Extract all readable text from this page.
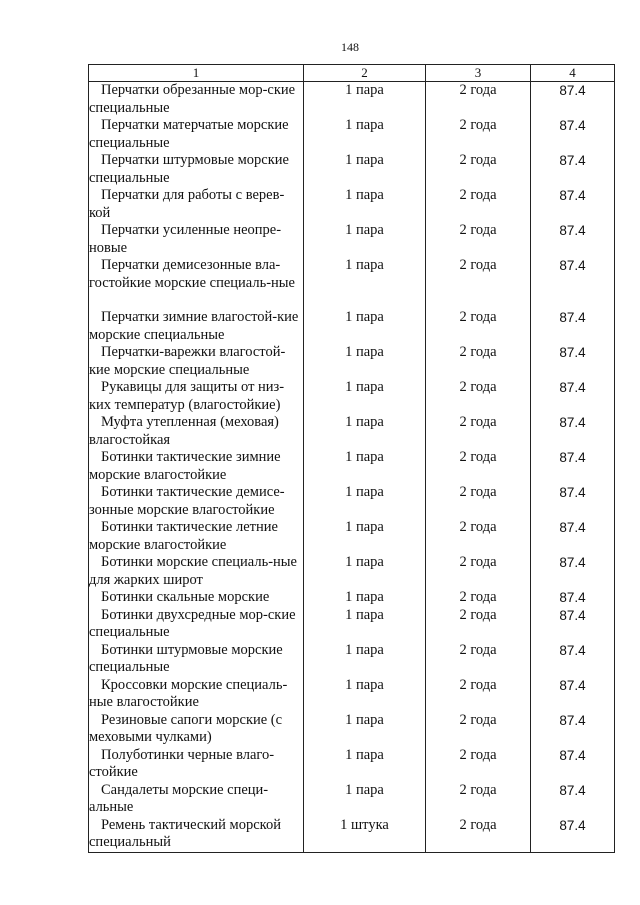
148
1	2	3	4
Перчатки обрезанные мор-ские специальные	1 пара	2 года	87.4
Перчатки матерчатые морские специальные	1 пара	2 года	87.4
Перчатки штурмовые морские специальные	1 пара	2 года	87.4
Перчатки для работы с верев-кой	1 пара	2 года	87.4
Перчатки усиленные неопре-новые	1 пара	2 года	87.4
Перчатки демисезонные вла-гостойкие морские специаль-ные	1 пара	2 года	87.4
Перчатки зимние влагостой-кие морские специальные	1 пара	2 года	87.4
Перчатки-варежки влагостой-кие морские специальные	1 пара	2 года	87.4
Рукавицы для защиты от низ-ких температур (влагостойкие)	1 пара	2 года	87.4
Муфта утепленная (меховая) влагостойкая	1 пара	2 года	87.4
Ботинки тактические зимние морские влагостойкие	1 пара	2 года	87.4
Ботинки тактические демисе-зонные морские влагостойкие	1 пара	2 года	87.4
Ботинки тактические летние морские влагостойкие	1 пара	2 года	87.4
Ботинки морские специаль-ные для жарких широт	1 пара	2 года	87.4
Ботинки скальные морские	1 пара	2 года	87.4
Ботинки двухсредные мор-ские специальные	1 пара	2 года	87.4
Ботинки штурмовые морские специальные	1 пара	2 года	87.4
Кроссовки морские специаль-ные влагостойкие	1 пара	2 года	87.4
Резиновые сапоги морские (с меховыми чулками)	1 пара	2 года	87.4
Полуботинки черные влаго-стойкие	1 пара	2 года	87.4
Сандалеты морские специ-альные	1 пара	2 года	87.4
Ремень тактический морской специальный	1 штука	2 года	87.4
